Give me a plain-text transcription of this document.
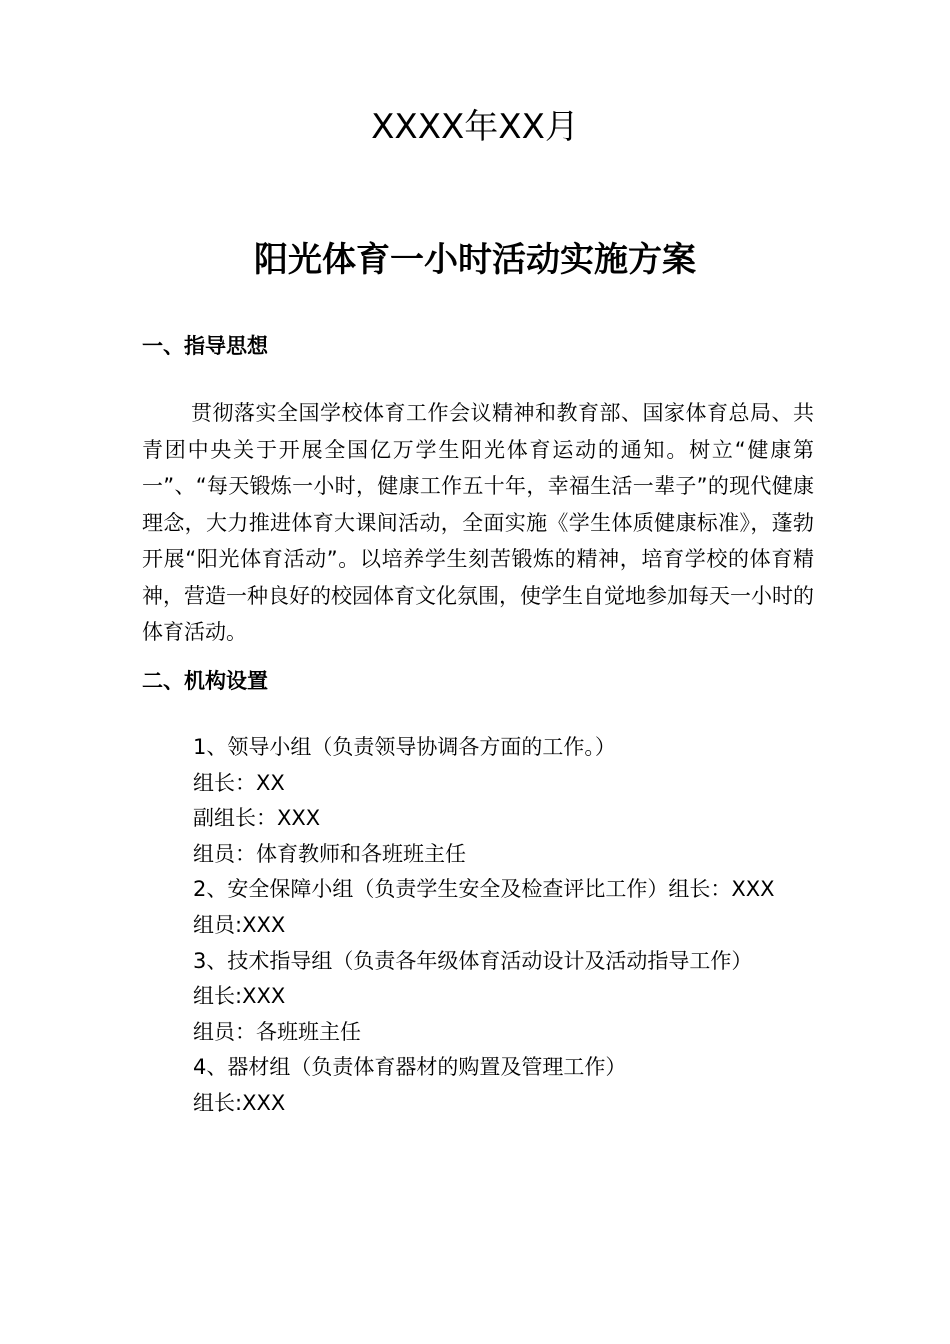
XXXX年XX月

阳光体育一小时活动实施方案
一、指导思想

贯彻落实全国学校体育工作会议精神和教育部、国家体育总局、共青团中央关于开展全国亿万学生阳光体育运动的通知。树立“健康第一”、“每天锻炼一小时，健康工作五十年，幸福生活一辈子”的现代健康理念，大力推进体育大课间活动，全面实施《学生体质健康标准》，蓬勃开展“阳光体育活动”。以培养学生刻苦锻炼的精神，培育学校的体育精神，营造一种良好的校园体育文化氛围，使学生自觉地参加每天一小时的体育活动。

二、机构设置
1、领导小组（负责领导协调各方面的工作。）
组长：XX
副组长：XXX
组员：体育教师和各班班主任
2、安全保障小组（负责学生安全及检查评比工作）组长：XXX
组员:XXX
3、技术指导组（负责各年级体育活动设计及活动指导工作）
组长:XXX
组员：各班班主任
4、器材组（负责体育器材的购置及管理工作）
组长:XXX
